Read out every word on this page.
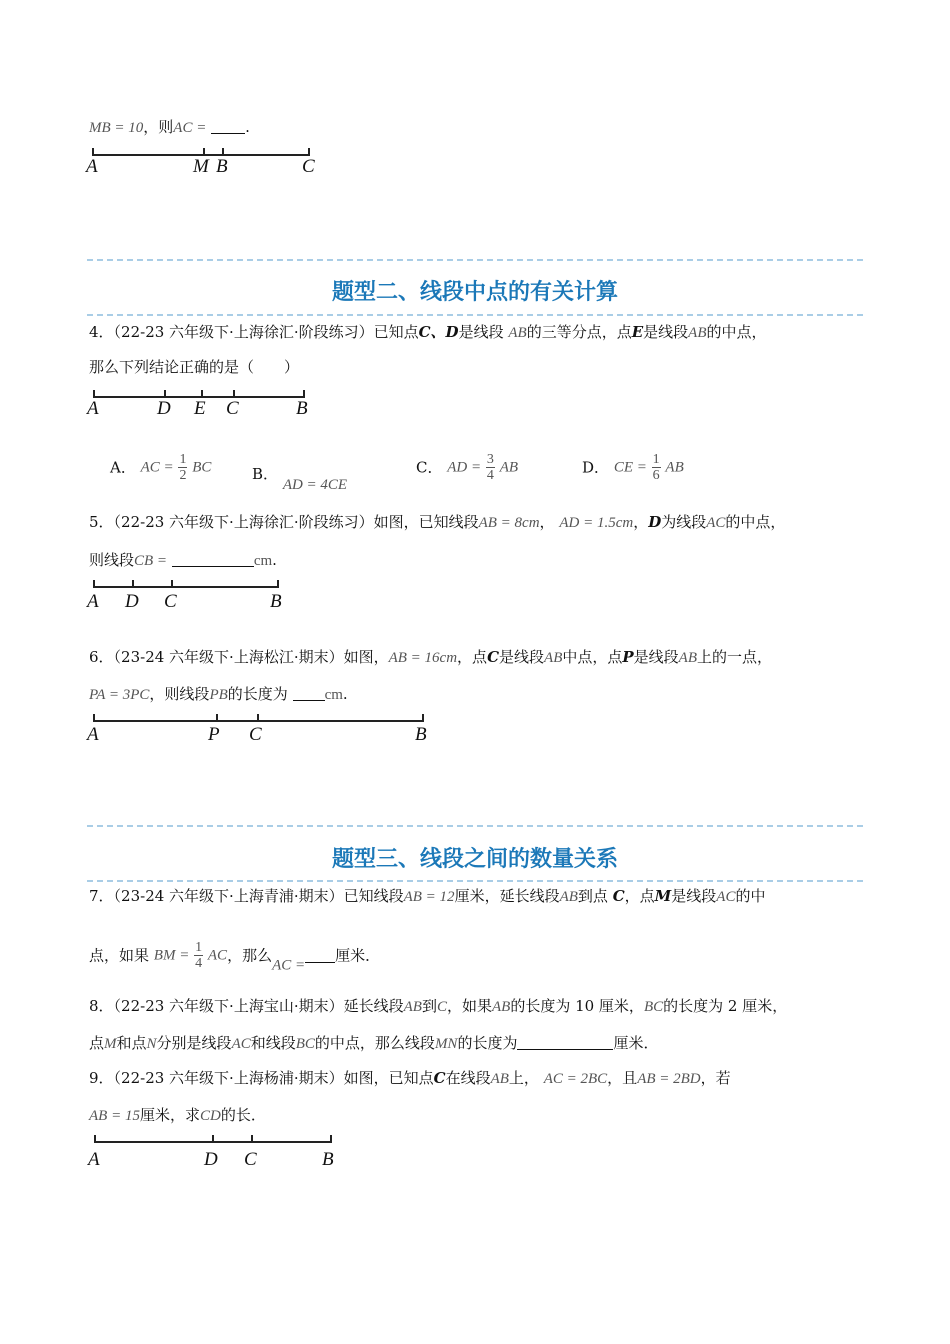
MB = 10，则AC =	.
A	M B	C
题型二、线段中点的有关计算
4．（22-23 六年级下·上海徐汇·阶段练习）已知点C、D是线段 AB的三等分点，点E是线段AB的中点，
那么下列结论正确的是（　　）
A	D E C	B
A． AC = $\frac{1}{2}$ BC	B． AD = 4CE
C． AD = $\frac{3}{4}$ AB	D． CE = $\frac{1}{6}$ AB
5．（22-23 六年级下·上海徐汇·阶段练习）如图，已知线段AB = 8cm， AD = 1.5cm，D为线段AC的中点，
则线段CB =	cm.
A D C	B
6．（23-24 六年级下·上海松江·期末）如图，AB = 16cm，点C是线段AB中点，点P是线段AB上的一点，
PA = 3PC，则线段PB的长度为 cm.
A	P C	B
题型三、线段之间的数量关系
7．（23-24 六年级下·上海青浦·期末）已知线段AB = 12厘米，延长线段AB到点 C，点M是线段AC的中
点，如果 BM = $\frac{1}{4}$ AC，那么AC =厘米．
8．（22-23 六年级下·上海宝山·期末）延长线段AB到C，如果AB的长度为 10 厘米，BC的长度为 2 厘米，
点M和点N分别是线段AC和线段BC的中点，那么线段MN的长度为	厘米．
9．（22-23 六年级下·上海杨浦·期末）如图，已知点C在线段AB上， AC = 2BC，且AB = 2BD，若
AB = 15厘米，求CD的长．
A	D C	B
